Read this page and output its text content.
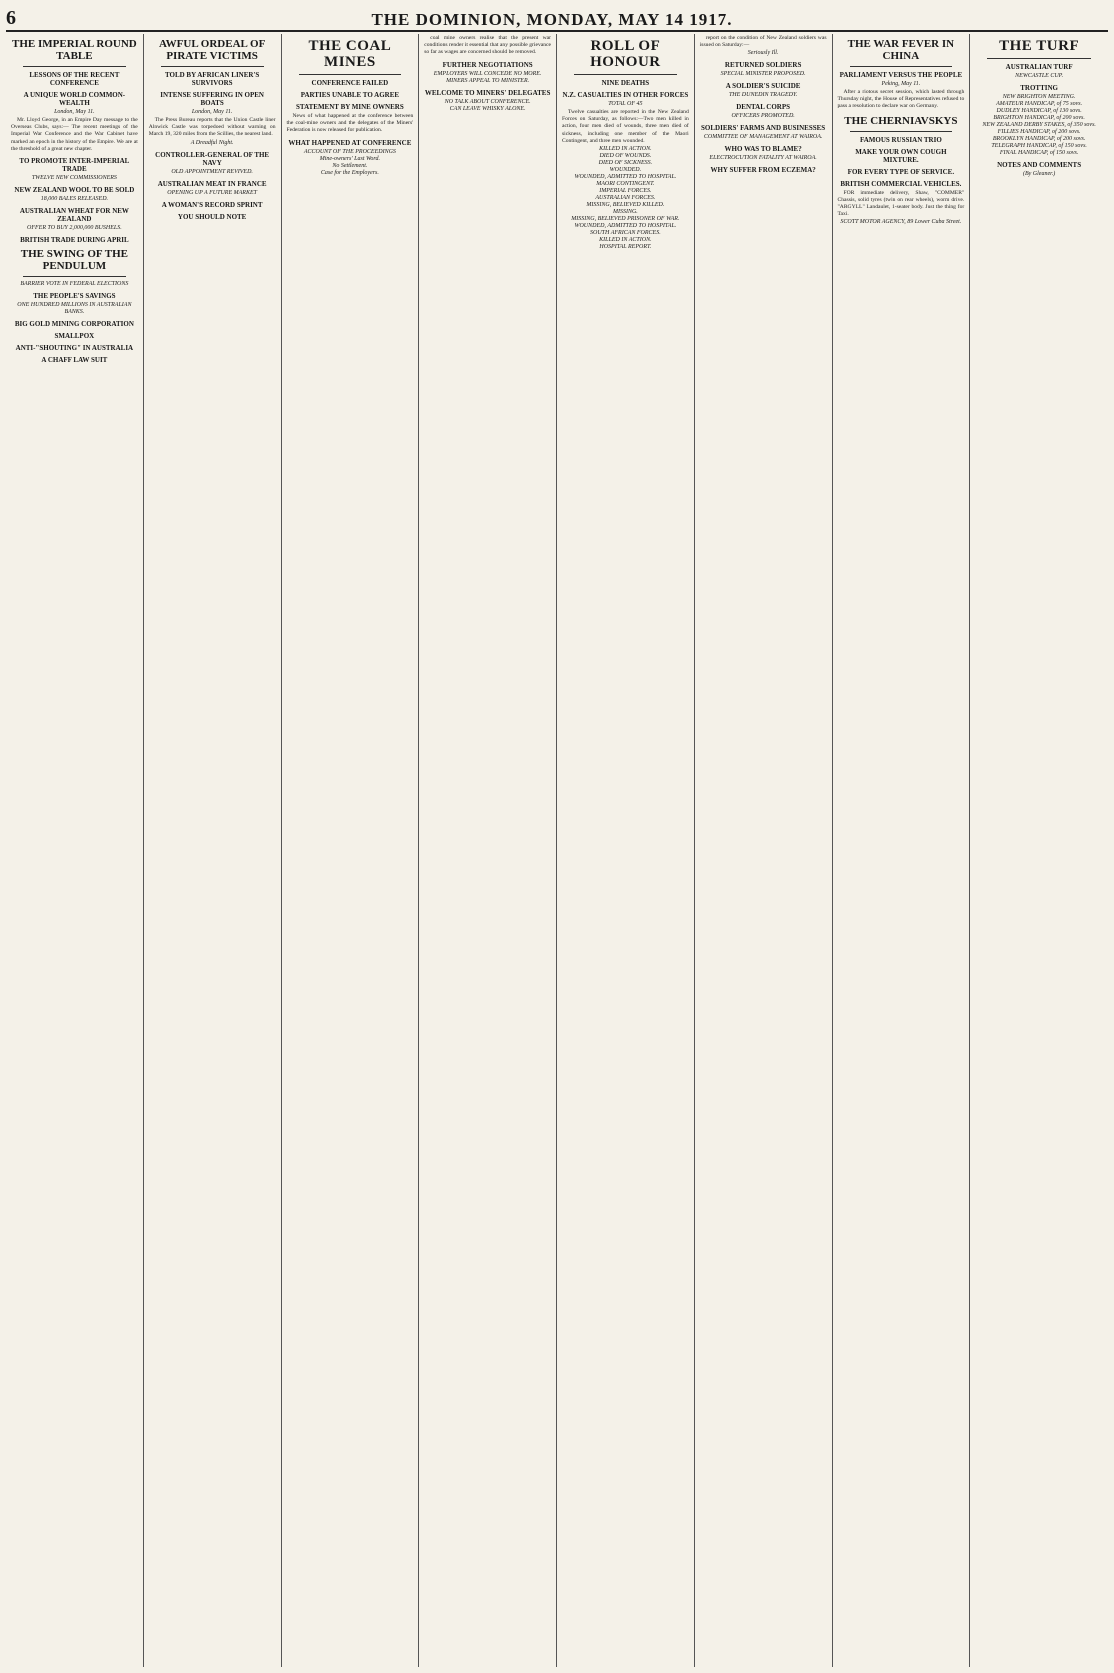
6	THE DOMINION, MONDAY, MAY 14 1917.
THE IMPERIAL ROUND TABLE
LESSONS OF THE RECENT CONFERENCE
A UNIQUE WORLD COMMON-WEALTH
London, May 11.

Mr. Lloyd George, in an Empire Day message to the Overseas Clubs, says:— The recent meetings of the Imperial War Conference and the War Cabinet have marked an epoch in the history of the Empire. We are at the threshold of a great new chapter.

TO PROMOTE INTER-IMPERIAL TRADE
TWELVE NEW COMMISSIONERS
NEW ZEALAND WOOL TO BE SOLD
18,000 BALES RELEASED.
AUSTRALIAN WHEAT FOR NEW ZEALAND
OFFER TO BUY 2,000,000 BUSHELS.
BRITISH TRADE DURING APRIL
THE SWING OF THE PENDULUM
BARRIER VOTE IN FEDERAL ELECTIONS
THE PEOPLE'S SAVINGS
ONE HUNDRED MILLIONS IN AUSTRALIAN BANKS.
BIG GOLD MINING CORPORATION
SMALLPOX
ANTI-"SHOUTING" IN AUSTRALIA
A CHAFF LAW SUIT
AWFUL ORDEAL OF PIRATE VICTIMS
TOLD BY AFRICAN LINER'S SURVIVORS
INTENSE SUFFERING IN OPEN BOATS
London, May 11.

The Press Bureau reports that the Union Castle liner Alnwick Castle was torpedoed without warning on March 19, 320 miles from the Scillies, the nearest land.

A Dreadful Night.
CONTROLLER-GENERAL OF THE NAVY
OLD APPOINTMENT REVIVED.
AUSTRALIAN MEAT IN FRANCE
OPENING UP A FUTURE MARKET
A WOMAN'S RECORD SPRINT
YOU SHOULD NOTE
THE COAL MINES
CONFERENCE FAILED
PARTIES UNABLE TO AGREE
STATEMENT BY MINE OWNERS

News of what happened at the conference between the coal-mine owners and the delegates of the Miners' Federation is now released for publication.

WHAT HAPPENED AT CONFERENCE
ACCOUNT OF THE PROCEEDINGS
Mine-owners' Last Word.
No Settlement.
Case for the Employers.

coal mine owners realise that the present war conditions render it essential that any possible grievance so far as wages are concerned should be removed.

FURTHER NEGOTIATIONS
EMPLOYERS WILL CONCEDE NO MORE.
MINERS APPEAL TO MINISTER.
WELCOME TO MINERS' DELEGATES
NO TALK ABOUT CONFERENCE.
CAN LEAVE WHISKY ALONE.
ROLL OF HONOUR
NINE DEATHS
N.Z. CASUALTIES IN OTHER FORCES
TOTAL OF 45

Twelve casualties are reported in the New Zealand Forces on Saturday, as follows:—Two men killed in action, four men died of wounds, three men died of sickness, including one member of the Maori Contingent, and three men wounded.

KILLED IN ACTION.
DIED OF WOUNDS.
DIED OF SICKNESS.
WOUNDED.
WOUNDED, ADMITTED TO HOSPITAL.
MAORI CONTINGENT.
IMPERIAL FORCES.
AUSTRALIAN FORCES.
MISSING, BELIEVED KILLED.
MISSING.
MISSING, BELIEVED PRISONER OF WAR.
WOUNDED, ADMITTED TO HOSPITAL.
SOUTH AFRICAN FORCES.
KILLED IN ACTION.
HOSPITAL REPORT.

report on the condition of New Zealand soldiers was issued on Saturday:—

Seriously Ill.
RETURNED SOLDIERS
SPECIAL MINISTER PROPOSED.
A SOLDIER'S SUICIDE
THE DUNEDIN TRAGEDY.
DENTAL CORPS
OFFICERS PROMOTED.
SOLDIERS' FARMS AND BUSINESSES
COMMITTEE OF MANAGEMENT AT WAIROA.
WHO WAS TO BLAME?
ELECTROCUTION FATALITY AT WAIROA.
WHY SUFFER FROM ECZEMA?
THE WAR FEVER IN CHINA
PARLIAMENT VERSUS THE PEOPLE
Peking, May 11.

After a riotous secret session, which lasted through Thursday night, the House of Representatives refused to pass a resolution to declare war on Germany.

THE CHERNIAVSKYS
FAMOUS RUSSIAN TRIO
MAKE YOUR OWN COUGH MIXTURE.
FOR EVERY TYPE OF SERVICE.
BRITISH COMMERCIAL VEHICLES.

FOR immediate delivery, Shaw, "COMMER" Chassis, solid tyres (twin on rear wheels), worm drive. "ARGYLL" Landaulet, 1-seater body. Just the thing for Taxi.

SCOTT MOTOR AGENCY, 89 Lower Cuba Street.
THE TURF
AUSTRALIAN TURF
NEWCASTLE CUP.
TROTTING
NEW BRIGHTON MEETING.
AMATEUR HANDICAP, of 75 sovs.
DUDLEY HANDICAP, of 130 sovs.
BRIGHTON HANDICAP, of 200 sovs.
NEW ZEALAND DERBY STAKES, of 350 sovs.
FILLIES HANDICAP, of 200 sovs.
BROOKLYN HANDICAP, of 200 sovs.
TELEGRAPH HANDICAP, of 150 sovs.
FINAL HANDICAP, of 150 sovs.
NOTES AND COMMENTS
(By Gleaner.)
